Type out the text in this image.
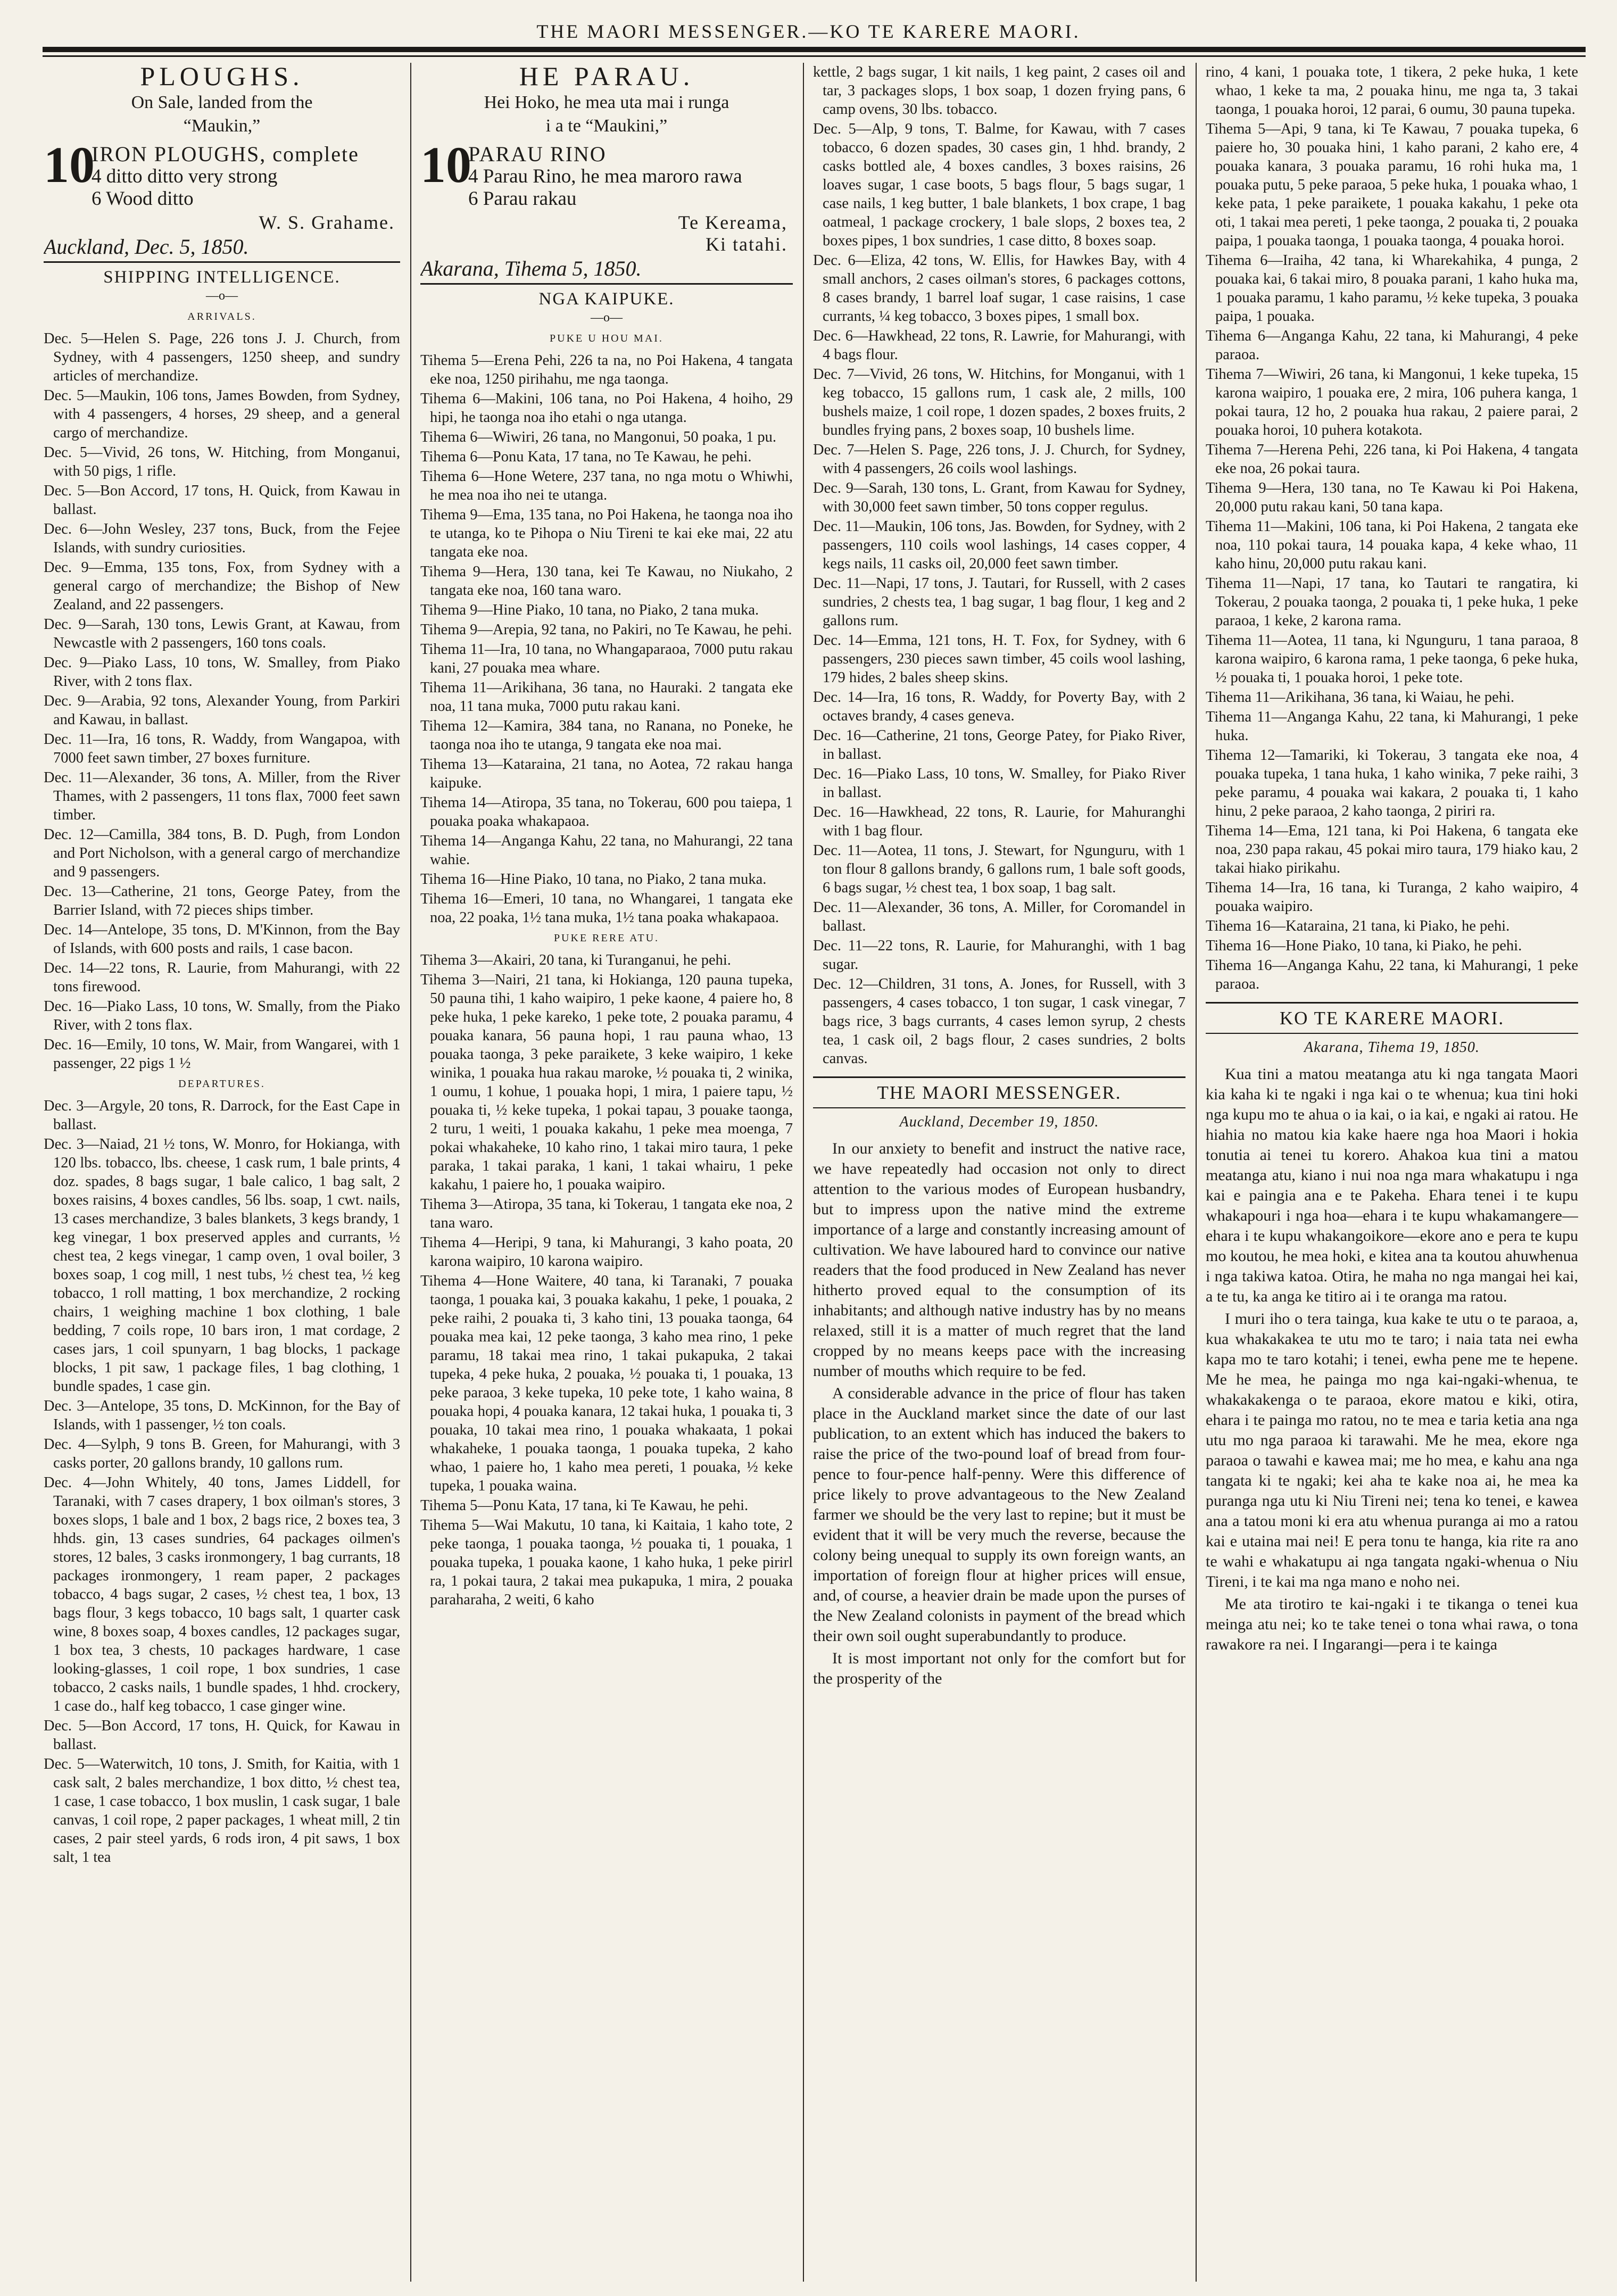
THE MAORI MESSENGER.—KO TE KARERE MAORI.
PLOUGHS.

On Sale, landed from the

“Maukin,”

10
IRON PLOUGHS, complete
4 ditto ditto very strong
6 Wood ditto
W. S. Grahame.
Auckland, Dec. 5, 1850.
SHIPPING INTELLIGENCE.

—o—

ARRIVALS.

Dec. 5—Helen S. Page, 226 tons J. J. Church, from Sydney, with 4 passengers, 1250 sheep, and sundry articles of merchandize.

Dec. 5—Maukin, 106 tons, James Bowden, from Sydney, with 4 passengers, 4 horses, 29 sheep, and a general cargo of merchandize.

Dec. 5—Vivid, 26 tons, W. Hitching, from Monganui, with 50 pigs, 1 rifle.

Dec. 5—Bon Accord, 17 tons, H. Quick, from Kawau in ballast.

Dec. 6—John Wesley, 237 tons, Buck, from the Fejee Islands, with sundry curiosities.

Dec. 9—Emma, 135 tons, Fox, from Sydney with a general cargo of merchandize; the Bishop of New Zealand, and 22 passengers.

Dec. 9—Sarah, 130 tons, Lewis Grant, at Kawau, from Newcastle with 2 passengers, 160 tons coals.

Dec. 9—Piako Lass, 10 tons, W. Smalley, from Piako River, with 2 tons flax.

Dec. 9—Arabia, 92 tons, Alexander Young, from Parkiri and Kawau, in ballast.

Dec. 11—Ira, 16 tons, R. Waddy, from Wangapoa, with 7000 feet sawn timber, 27 boxes furniture.

Dec. 11—Alexander, 36 tons, A. Miller, from the River Thames, with 2 passengers, 11 tons flax, 7000 feet sawn timber.

Dec. 12—Camilla, 384 tons, B. D. Pugh, from London and Port Nicholson, with a general cargo of merchandize and 9 passengers.

Dec. 13—Catherine, 21 tons, George Patey, from the Barrier Island, with 72 pieces ships timber.

Dec. 14—Antelope, 35 tons, D. M'Kinnon, from the Bay of Islands, with 600 posts and rails, 1 case bacon.

Dec. 14—22 tons, R. Laurie, from Mahurangi, with 22 tons firewood.

Dec. 16—Piako Lass, 10 tons, W. Smally, from the Piako River, with 2 tons flax.

Dec. 16—Emily, 10 tons, W. Mair, from Wangarei, with 1 passenger, 22 pigs 1 ½

DEPARTURES.

Dec. 3—Argyle, 20 tons, R. Darrock, for the East Cape in ballast.

Dec. 3—Naiad, 21 ½ tons, W. Monro, for Hokianga, with 120 lbs. tobacco, lbs. cheese, 1 cask rum, 1 bale prints, 4 doz. spades, 8 bags sugar, 1 bale calico, 1 bag salt, 2 boxes raisins, 4 boxes candles, 56 lbs. soap, 1 cwt. nails, 13 cases merchandize, 3 bales blankets, 3 kegs brandy, 1 keg vinegar, 1 box preserved apples and currants, ½ chest tea, 2 kegs vinegar, 1 camp oven, 1 oval boiler, 3 boxes soap, 1 cog mill, 1 nest tubs, ½ chest tea, ½ keg tobacco, 1 roll matting, 1 box merchandize, 2 rocking chairs, 1 weighing machine 1 box clothing, 1 bale bedding, 7 coils rope, 10 bars iron, 1 mat cordage, 2 cases jars, 1 coil spunyarn, 1 bag blocks, 1 package blocks, 1 pit saw, 1 package files, 1 bag clothing, 1 bundle spades, 1 case gin.

Dec. 3—Antelope, 35 tons, D. McKinnon, for the Bay of Islands, with 1 passenger, ½ ton coals.

Dec. 4—Sylph, 9 tons B. Green, for Mahurangi, with 3 casks porter, 20 gallons brandy, 10 gallons rum.

Dec. 4—John Whitely, 40 tons, James Liddell, for Taranaki, with 7 cases drapery, 1 box oilman's stores, 3 boxes slops, 1 bale and 1 box, 2 bags rice, 2 boxes tea, 3 hhds. gin, 13 cases sundries, 64 packages oilmen's stores, 12 bales, 3 casks ironmongery, 1 bag currants, 18 packages ironmongery, 1 ream paper, 2 packages tobacco, 4 bags sugar, 2 cases, ½ chest tea, 1 box, 13 bags flour, 3 kegs tobacco, 10 bags salt, 1 quarter cask wine, 8 boxes soap, 4 boxes candles, 12 packages sugar, 1 box tea, 3 chests, 10 packages hardware, 1 case looking-glasses, 1 coil rope, 1 box sundries, 1 case tobacco, 2 casks nails, 1 bundle spades, 1 hhd. crockery, 1 case do., half keg tobacco, 1 case ginger wine.

Dec. 5—Bon Accord, 17 tons, H. Quick, for Kawau in ballast.

Dec. 5—Waterwitch, 10 tons, J. Smith, for Kaitia, with 1 cask salt, 2 bales merchandize, 1 box ditto, ½ chest tea, 1 case, 1 case tobacco, 1 box muslin, 1 cask sugar, 1 bale canvas, 1 coil rope, 2 paper packages, 1 wheat mill, 2 tin cases, 2 pair steel yards, 6 rods iron, 4 pit saws, 1 box salt, 1 tea

HE PARAU.

Hei Hoko, he mea uta mai i runga

i a te “Maukini,”

10
PARAU RINO
4 Parau Rino, he mea maroro rawa
6 Parau rakau
Te Kereama,
Ki tatahi.
Akarana, Tihema 5, 1850.
NGA KAIPUKE.

—o—

PUKE U HOU MAI.

Tihema 5—Erena Pehi, 226 ta na, no Poi Hakena, 4 tangata eke noa, 1250 pirihahu, me nga taonga.

Tihema 6—Makini, 106 tana, no Poi Hakena, 4 hoiho, 29 hipi, he taonga noa iho etahi o nga utanga.

Tihema 6—Wiwiri, 26 tana, no Mangonui, 50 poaka, 1 pu.

Tihema 6—Ponu Kata, 17 tana, no Te Kawau, he pehi.

Tihema 6—Hone Wetere, 237 tana, no nga motu o Whiwhi, he mea noa iho nei te utanga.

Tihema 9—Ema, 135 tana, no Poi Hakena, he taonga noa iho te utanga, ko te Pihopa o Niu Tireni te kai eke mai, 22 atu tangata eke noa.

Tihema 9—Hera, 130 tana, kei Te Kawau, no Niukaho, 2 tangata eke noa, 160 tana waro.

Tihema 9—Hine Piako, 10 tana, no Piako, 2 tana muka.

Tihema 9—Arepia, 92 tana, no Pakiri, no Te Kawau, he pehi.

Tihema 11—Ira, 10 tana, no Whangaparaoa, 7000 putu rakau kani, 27 pouaka mea whare.

Tihema 11—Arikihana, 36 tana, no Hauraki. 2 tangata eke noa, 11 tana muka, 7000 putu rakau kani.

Tihema 12—Kamira, 384 tana, no Ranana, no Poneke, he taonga noa iho te utanga, 9 tangata eke noa mai.

Tihema 13—Kataraina, 21 tana, no Aotea, 72 rakau hanga kaipuke.

Tihema 14—Atiropa, 35 tana, no Tokerau, 600 pou taiepa, 1 pouaka poaka whakapaoa.

Tihema 14—Anganga Kahu, 22 tana, no Mahurangi, 22 tana wahie.

Tihema 16—Hine Piako, 10 tana, no Piako, 2 tana muka.

Tihema 16—Emeri, 10 tana, no Whangarei, 1 tangata eke noa, 22 poaka, 1½ tana muka, 1½ tana poaka whakapaoa.

PUKE RERE ATU.

Tihema 3—Akairi, 20 tana, ki Turanganui, he pehi.

Tihema 3—Nairi, 21 tana, ki Hokianga, 120 pauna tupeka, 50 pauna tihi, 1 kaho waipiro, 1 peke kaone, 4 paiere ho, 8 peke huka, 1 peke kareko, 1 peke tote, 2 pouaka paramu, 4 pouaka kanara, 56 pauna hopi, 1 rau pauna whao, 13 pouaka taonga, 3 peke paraikete, 3 keke waipiro, 1 keke winika, 1 pouaka hua rakau maroke, ½ pouaka ti, 2 winika, 1 oumu, 1 kohue, 1 pouaka hopi, 1 mira, 1 paiere tapu, ½ pouaka ti, ½ keke tupeka, 1 pokai tapau, 3 pouake taonga, 2 turu, 1 weiti, 1 pouaka kakahu, 1 peke mea moenga, 7 pokai whakaheke, 10 kaho rino, 1 takai miro taura, 1 peke paraka, 1 takai paraka, 1 kani, 1 takai whairu, 1 peke kakahu, 1 paiere ho, 1 pouaka waipiro.

Tihema 3—Atiropa, 35 tana, ki Tokerau, 1 tangata eke noa, 2 tana waro.

Tihema 4—Heripi, 9 tana, ki Mahurangi, 3 kaho poata, 20 karona waipiro, 10 karona waipiro.

Tihema 4—Hone Waitere, 40 tana, ki Taranaki, 7 pouaka taonga, 1 pouaka kai, 3 pouaka kakahu, 1 peke, 1 pouaka, 2 peke raihi, 2 pouaka ti, 3 kaho tini, 13 pouaka taonga, 64 pouaka mea kai, 12 peke taonga, 3 kaho mea rino, 1 peke paramu, 18 takai mea rino, 1 takai pukapuka, 2 takai tupeka, 4 peke huka, 2 pouaka, ½ pouaka ti, 1 pouaka, 13 peke paraoa, 3 keke tupeka, 10 peke tote, 1 kaho waina, 8 pouaka hopi, 4 pouaka kanara, 12 takai huka, 1 pouaka ti, 3 pouaka, 10 takai mea rino, 1 pouaka whakaata, 1 pokai whakaheke, 1 pouaka taonga, 1 pouaka tupeka, 2 kaho whao, 1 paiere ho, 1 kaho mea pereti, 1 pouaka, ½ keke tupeka, 1 pouaka waina.

Tihema 5—Ponu Kata, 17 tana, ki Te Kawau, he pehi.

Tihema 5—Wai Makutu, 10 tana, ki Kaitaia, 1 kaho tote, 2 peke taonga, 1 pouaka taonga, ½ pouaka ti, 1 pouaka, 1 pouaka tupeka, 1 pouaka kaone, 1 kaho huka, 1 peke pirirl ra, 1 pokai taura, 2 takai mea pukapuka, 1 mira, 2 pouaka paraharaha, 2 weiti, 6 kaho

kettle, 2 bags sugar, 1 kit nails, 1 keg paint, 2 cases oil and tar, 3 packages slops, 1 box soap, 1 dozen frying pans, 6 camp ovens, 30 lbs. tobacco.

Dec. 5—Alp, 9 tons, T. Balme, for Kawau, with 7 cases tobacco, 6 dozen spades, 30 cases gin, 1 hhd. brandy, 2 casks bottled ale, 4 boxes candles, 3 boxes raisins, 26 loaves sugar, 1 case boots, 5 bags flour, 5 bags sugar, 1 case nails, 1 keg butter, 1 bale blankets, 1 box crape, 1 bag oatmeal, 1 package crockery, 1 bale slops, 2 boxes tea, 2 boxes pipes, 1 box sundries, 1 case ditto, 8 boxes soap.

Dec. 6—Eliza, 42 tons, W. Ellis, for Hawkes Bay, with 4 small anchors, 2 cases oilman's stores, 6 packages cottons, 8 cases brandy, 1 barrel loaf sugar, 1 case raisins, 1 case currants, ¼ keg tobacco, 3 boxes pipes, 1 small box.

Dec. 6—Hawkhead, 22 tons, R. Lawrie, for Mahurangi, with 4 bags flour.

Dec. 7—Vivid, 26 tons, W. Hitchins, for Monganui, with 1 keg tobacco, 15 gallons rum, 1 cask ale, 2 mills, 100 bushels maize, 1 coil rope, 1 dozen spades, 2 boxes fruits, 2 bundles frying pans, 2 boxes soap, 10 bushels lime.

Dec. 7—Helen S. Page, 226 tons, J. J. Church, for Sydney, with 4 passengers, 26 coils wool lashings.

Dec. 9—Sarah, 130 tons, L. Grant, from Kawau for Sydney, with 30,000 feet sawn timber, 50 tons copper regulus.

Dec. 11—Maukin, 106 tons, Jas. Bowden, for Sydney, with 2 passengers, 110 coils wool lashings, 14 cases copper, 4 kegs nails, 11 casks oil, 20,000 feet sawn timber.

Dec. 11—Napi, 17 tons, J. Tautari, for Russell, with 2 cases sundries, 2 chests tea, 1 bag sugar, 1 bag flour, 1 keg and 2 gallons rum.

Dec. 14—Emma, 121 tons, H. T. Fox, for Sydney, with 6 passengers, 230 pieces sawn timber, 45 coils wool lashing, 179 hides, 2 bales sheep skins.

Dec. 14—Ira, 16 tons, R. Waddy, for Poverty Bay, with 2 octaves brandy, 4 cases geneva.

Dec. 16—Catherine, 21 tons, George Patey, for Piako River, in ballast.

Dec. 16—Piako Lass, 10 tons, W. Smalley, for Piako River in ballast.

Dec. 16—Hawkhead, 22 tons, R. Laurie, for Mahuranghi with 1 bag flour.

Dec. 11—Aotea, 11 tons, J. Stewart, for Ngunguru, with 1 ton flour 8 gallons brandy, 6 gallons rum, 1 bale soft goods, 6 bags sugar, ½ chest tea, 1 box soap, 1 bag salt.

Dec. 11—Alexander, 36 tons, A. Miller, for Coromandel in ballast.

Dec. 11—22 tons, R. Laurie, for Mahuranghi, with 1 bag sugar.

Dec. 12—Children, 31 tons, A. Jones, for Russell, with 3 passengers, 4 cases tobacco, 1 ton sugar, 1 cask vinegar, 7 bags rice, 3 bags currants, 4 cases lemon syrup, 2 chests tea, 1 cask oil, 2 bags flour, 2 cases sundries, 2 bolts canvas.

THE MAORI MESSENGER.
Auckland, December 19, 1850.

In our anxiety to benefit and instruct the native race, we have repeatedly had occasion not only to direct attention to the various modes of European husbandry, but to impress upon the native mind the extreme importance of a large and constantly increasing amount of cultivation. We have laboured hard to convince our native readers that the food produced in New Zealand has never hitherto proved equal to the consumption of its inhabitants; and although native industry has by no means relaxed, still it is a matter of much regret that the land cropped by no means keeps pace with the increasing number of mouths which require to be fed.

A considerable advance in the price of flour has taken place in the Auckland market since the date of our last publication, to an extent which has induced the bakers to raise the price of the two-pound loaf of bread from four-pence to four-pence half-penny. Were this difference of price likely to prove advantageous to the New Zealand farmer we should be the very last to repine; but it must be evident that it will be very much the reverse, because the colony being unequal to supply its own foreign wants, an importation of foreign flour at higher prices will ensue, and, of course, a heavier drain be made upon the purses of the New Zealand colonists in payment of the bread which their own soil ought superabundantly to produce.

It is most important not only for the comfort but for the prosperity of the

rino, 4 kani, 1 pouaka tote, 1 tikera, 2 peke huka, 1 kete whao, 1 keke ta ma, 2 pouaka hinu, me nga ta, 3 takai taonga, 1 pouaka horoi, 12 parai, 6 oumu, 30 pauna tupeka.

Tihema 5—Api, 9 tana, ki Te Kawau, 7 pouaka tupeka, 6 paiere ho, 30 pouaka hini, 1 kaho parani, 2 kaho ere, 4 pouaka kanara, 3 pouaka paramu, 16 rohi huka ma, 1 pouaka putu, 5 peke paraoa, 5 peke huka, 1 pouaka whao, 1 keke pata, 1 peke paraikete, 1 pouaka kakahu, 1 peke ota oti, 1 takai mea pereti, 1 peke taonga, 2 pouaka ti, 2 pouaka paipa, 1 pouaka taonga, 1 pouaka taonga, 4 pouaka horoi.

Tihema 6—Iraiha, 42 tana, ki Wharekahika, 4 punga, 2 pouaka kai, 6 takai miro, 8 pouaka parani, 1 kaho huka ma, 1 pouaka paramu, 1 kaho paramu, ½ keke tupeka, 3 pouaka paipa, 1 pouaka.

Tihema 6—Anganga Kahu, 22 tana, ki Mahurangi, 4 peke paraoa.

Tihema 7—Wiwiri, 26 tana, ki Mangonui, 1 keke tupeka, 15 karona waipiro, 1 pouaka ere, 2 mira, 106 puhera kanga, 1 pokai taura, 12 ho, 2 pouaka hua rakau, 2 paiere parai, 2 pouaka horoi, 10 puhera kotakota.

Tihema 7—Herena Pehi, 226 tana, ki Poi Hakena, 4 tangata eke noa, 26 pokai taura.

Tihema 9—Hera, 130 tana, no Te Kawau ki Poi Hakena, 20,000 putu rakau kani, 50 tana kapa.

Tihema 11—Makini, 106 tana, ki Poi Hakena, 2 tangata eke noa, 110 pokai taura, 14 pouaka kapa, 4 keke whao, 11 kaho hinu, 20,000 putu rakau kani.

Tihema 11—Napi, 17 tana, ko Tautari te rangatira, ki Tokerau, 2 pouaka taonga, 2 pouaka ti, 1 peke huka, 1 peke paraoa, 1 keke, 2 karona rama.

Tihema 11—Aotea, 11 tana, ki Ngunguru, 1 tana paraoa, 8 karona waipiro, 6 karona rama, 1 peke taonga, 6 peke huka, ½ pouaka ti, 1 pouaka horoi, 1 peke tote.

Tihema 11—Arikihana, 36 tana, ki Waiau, he pehi.

Tihema 11—Anganga Kahu, 22 tana, ki Mahurangi, 1 peke huka.

Tihema 12—Tamariki, ki Tokerau, 3 tangata eke noa, 4 pouaka tupeka, 1 tana huka, 1 kaho winika, 7 peke raihi, 3 peke paramu, 4 pouaka wai kakara, 2 pouaka ti, 1 kaho hinu, 2 peke paraoa, 2 kaho taonga, 2 piriri ra.

Tihema 14—Ema, 121 tana, ki Poi Hakena, 6 tangata eke noa, 230 papa rakau, 45 pokai miro taura, 179 hiako kau, 2 takai hiako pirikahu.

Tihema 14—Ira, 16 tana, ki Turanga, 2 kaho waipiro, 4 pouaka waipiro.

Tihema 16—Kataraina, 21 tana, ki Piako, he pehi.

Tihema 16—Hone Piako, 10 tana, ki Piako, he pehi.

Tihema 16—Anganga Kahu, 22 tana, ki Mahurangi, 1 peke paraoa.

KO TE KARERE MAORI.
Akarana, Tihema 19, 1850.

Kua tini a matou meatanga atu ki nga tangata Maori kia kaha ki te ngaki i nga kai o te whenua; kua tini hoki nga kupu mo te ahua o ia kai, o ia kai, e ngaki ai ratou. He hiahia no matou kia kake haere nga hoa Maori i hokia tonutia ai tenei tu korero. Ahakoa kua tini a matou meatanga atu, kiano i nui noa nga mara whakatupu i nga kai e paingia ana e te Pakeha. Ehara tenei i te kupu whakapouri i nga hoa—ehara i te kupu whakamangere—ehara i te kupu whakangoikore—ekore ano e pera te kupu mo koutou, he mea hoki, e kitea ana ta koutou ahuwhenua i nga takiwa katoa. Otira, he maha no nga mangai hei kai, a te tu, ka anga ke titiro ai i te oranga ma ratou.

I muri iho o tera tainga, kua kake te utu o te paraoa, a, kua whakakakea te utu mo te taro; i naia tata nei ewha kapa mo te taro kotahi; i tenei, ewha pene me te hepene. Me he mea, he painga mo nga kai-ngaki-whenua, te whakakakenga o te paraoa, ekore matou e kiki, otira, ehara i te painga mo ratou, no te mea e taria ketia ana nga utu mo nga paraoa ki tarawahi. Me he mea, ekore nga paraoa o tawahi e kawea mai; me ho mea, e kahu ana nga tangata ki te ngaki; kei aha te kake noa ai, he mea ka puranga nga utu ki Niu Tireni nei; tena ko tenei, e kawea ana a tatou moni ki era atu whenua puranga ai mo a ratou kai e utaina mai nei! E pera tonu te hanga, kia rite ra ano te wahi e whakatupu ai nga tangata ngaki-whenua o Niu Tireni, i te kai ma nga mano e noho nei.

Me ata tirotiro te kai-ngaki i te tikanga o tenei kua meinga atu nei; ko te take tenei o tona whai rawa, o tona rawakore ra nei. I Ingarangi—pera i te kainga
